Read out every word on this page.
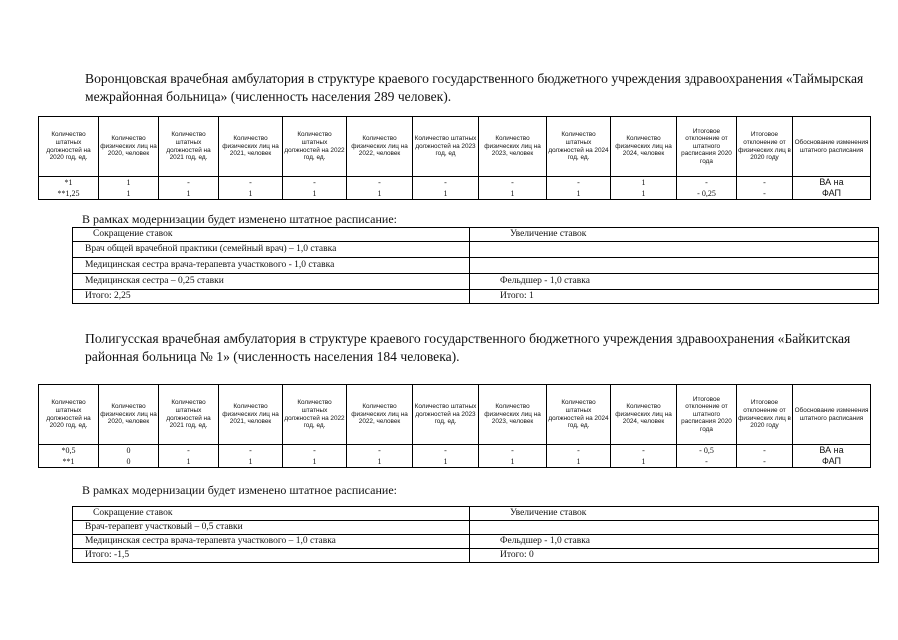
Воронцовская врачебная амбулатория в структуре краевого государственного бюджетного учреждения здравоохранения «Таймырская межрайонная больница» (численность населения 289 человек).

Количество штатных должностей на 2020 год, ед.	Количество физических лиц на 2020, человек	Количество штатных должностей на 2021 год, ед.	Количество физических лиц на 2021, человек	Количество штатных должностей на 2022 год, ед.	Количество физических лиц на 2022, человек	Количество штатных должностей на 2023 год, ед	Количество физических лиц на 2023, человек	Количество штатных должностей на 2024 год, ед.	Количество физических лиц на 2024, человек	Итоговое отклонение от штатного расписания 2020 года	Итоговое отклонение от физических лиц в 2020 году	Обоснование изменения штатного расписания
*1	1	-	-	-	-	-	-	-	1	-	-	ВА на
**1,25	1	1	1	1	1	1	1	1	1	- 0,25	-	ФАП

В рамках модернизации будет изменено штатное расписание:

Сокращение ставок	Увеличение ставок
Врач общей врачебной практики (семейный врач) – 1,0 ставка	
Медицинская сестра врача-терапевта участкового - 1,0 ставка	
Медицинская сестра – 0,25 ставки	Фельдшер - 1,0 ставка
Итого: 2,25	Итого: 1

Полигусская врачебная амбулатория в структуре краевого государственного бюджетного учреждения здравоохранения «Байкитская районная больница № 1» (численность населения 184 человека).

Количество штатных должностей на 2020 год, ед.	Количество физических лиц на 2020, человек	Количество штатных должностей на 2021 год, ед.	Количество физических лиц на 2021, человек	Количество штатных должностей на 2022 год, ед.	Количество физических лиц на 2022, человек	Количество штатных должностей на 2023 год, ед.	Количество физических лиц на 2023, человек	Количество штатных должностей на 2024 год, ед.	Количество физических лиц на 2024, человек	Итоговое отклонение от штатного расписания 2020 года	Итоговое отклонение от физических лиц в 2020 году	Обоснование изменения штатного расписания
*0,5	0	-	-	-	-	-	-	-	-	- 0,5	-	ВА на
**1	0	1	1	1	1	1	1	1	1	-	-	ФАП

В рамках модернизации будет изменено штатное расписание:

Сокращение ставок	Увеличение ставок
Врач-терапевт участковый – 0,5 ставки	
Медицинская сестра врача-терапевта участкового – 1,0 ставка	Фельдшер - 1,0 ставка
Итого: -1,5	Итого: 0
